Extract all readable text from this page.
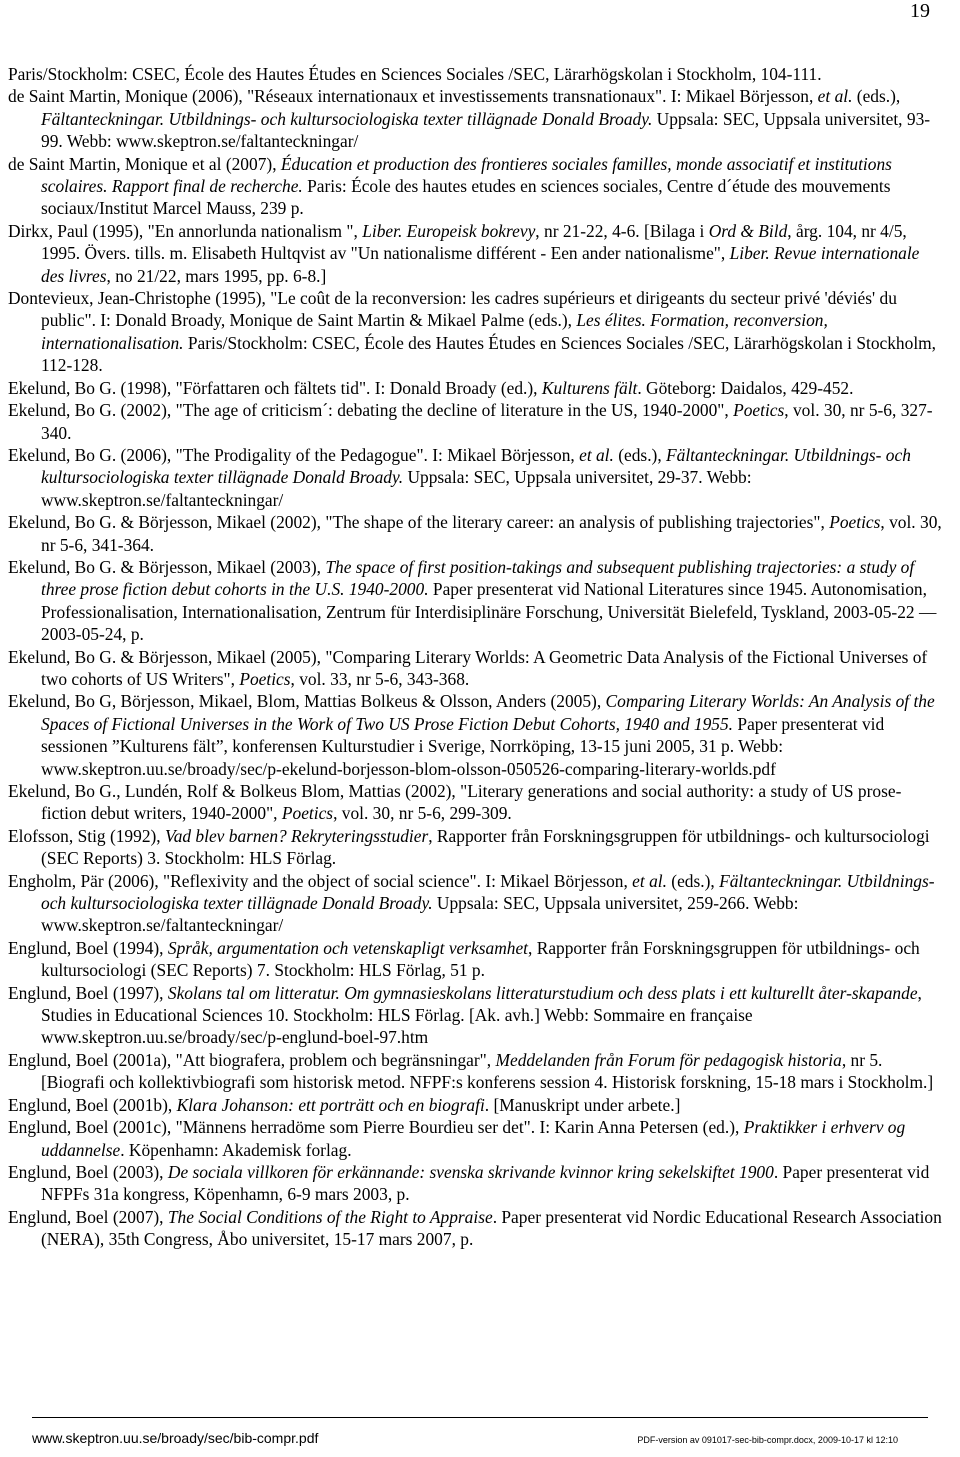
19

Paris/Stockholm: CSEC, École des Hautes Études en Sciences Sociales /SEC, Lärarhögskolan i Stockholm, 104-111.

de Saint Martin, Monique (2006), "Réseaux internationaux et investissements transnationaux". I: Mikael Börjesson, et al. (eds.), Fältanteckningar. Utbildnings- och kultursociologiska texter tillägnade Donald Broady. Uppsala: SEC, Uppsala universitet, 93-99. Webb: www.skeptron.se/faltanteckningar/

de Saint Martin, Monique et al (2007), Éducation et production des frontieres sociales familles, monde associatif et institutions scolaires. Rapport final de recherche. Paris: École des hautes etudes en sciences sociales, Centre d´étude des mouvements sociaux/Institut Marcel Mauss, 239 p.

Dirkx, Paul (1995), "En annorlunda nationalism ", Liber. Europeisk bokrevy, nr 21-22, 4-6. [Bilaga i Ord & Bild, årg. 104, nr 4/5, 1995. Övers. tills. m. Elisabeth Hultqvist av "Un nationalisme différent - Een ander nationalisme", Liber. Revue internationale des livres, no 21/22, mars 1995, pp. 6-8.]

Dontevieux, Jean-Christophe (1995), "Le coût de la reconversion: les cadres supérieurs et dirigeants du secteur privé 'déviés' du public". I: Donald Broady, Monique de Saint Martin & Mikael Palme (eds.), Les élites. Formation, reconversion, internationalisation. Paris/Stockholm: CSEC, École des Hautes Études en Sciences Sociales /SEC, Lärarhögskolan i Stockholm, 112-128.

Ekelund, Bo G. (1998), "Författaren och fältets tid". I: Donald Broady (ed.), Kulturens fält. Göteborg: Daidalos, 429-452.

Ekelund, Bo G. (2002), "The age of criticism´: debating the decline of literature in the US, 1940-2000", Poetics, vol. 30, nr 5-6, 327-340.

Ekelund, Bo G. (2006), "The Prodigality of the Pedagogue". I: Mikael Börjesson, et al. (eds.), Fältanteckningar. Utbildnings- och kultursociologiska texter tillägnade Donald Broady. Uppsala: SEC, Uppsala universitet, 29-37. Webb: www.skeptron.se/faltanteckningar/

Ekelund, Bo G. & Börjesson, Mikael (2002), "The shape of the literary career: an analysis of publishing trajectories", Poetics, vol. 30, nr 5-6, 341-364.

Ekelund, Bo G. & Börjesson, Mikael (2003), The space of first position-takings and subsequent publishing trajectories: a study of three prose fiction debut cohorts in the U.S. 1940-2000. Paper presenterat vid National Literatures since 1945. Autonomisation, Professionalisation, Internationalisation, Zentrum für Interdisiplinäre Forschung, Universität Bielefeld, Tyskland, 2003-05-22 — 2003-05-24, p.

Ekelund, Bo G. & Börjesson, Mikael (2005), "Comparing Literary Worlds: A Geometric Data Analysis of the Fictional Universes of two cohorts of US Writers", Poetics, vol. 33, nr 5-6, 343-368.

Ekelund, Bo G, Börjesson, Mikael, Blom, Mattias Bolkeus & Olsson, Anders (2005), Comparing Literary Worlds: An Analysis of the Spaces of Fictional Universes in the Work of Two US Prose Fiction Debut Cohorts, 1940 and 1955. Paper presenterat vid sessionen ”Kulturens fält”, konferensen Kulturstudier i Sverige, Norrköping, 13-15 juni 2005, 31 p. Webb: www.skeptron.uu.se/broady/sec/p-ekelund-borjesson-blom-olsson-050526-comparing-literary-worlds.pdf

Ekelund, Bo G., Lundén, Rolf & Bolkeus Blom, Mattias (2002), "Literary generations and social authority: a study of US prose-fiction debut writers, 1940-2000", Poetics, vol. 30, nr 5-6, 299-309.

Elofsson, Stig (1992), Vad blev barnen? Rekryteringsstudier, Rapporter från Forskningsgruppen för utbildnings- och kultursociologi (SEC Reports) 3. Stockholm: HLS Förlag.

Engholm, Pär (2006), "Reflexivity and the object of social science". I: Mikael Börjesson, et al. (eds.), Fältanteckningar. Utbildnings- och kultursociologiska texter tillägnade Donald Broady. Uppsala: SEC, Uppsala universitet, 259-266. Webb: www.skeptron.se/faltanteckningar/

Englund, Boel (1994), Språk, argumentation och vetenskapligt verksamhet, Rapporter från Forskningsgruppen för utbildnings- och kultursociologi (SEC Reports) 7. Stockholm: HLS Förlag, 51 p.

Englund, Boel (1997), Skolans tal om litteratur. Om gymnasieskolans litteraturstudium och dess plats i ett kulturellt åter-skapande, Studies in Educational Sciences 10. Stockholm: HLS Förlag. [Ak. avh.] Webb: Sommaire en française www.skeptron.uu.se/broady/sec/p-englund-boel-97.htm

Englund, Boel (2001a), "Att biografera, problem och begränsningar", Meddelanden från Forum för pedagogisk historia, nr 5. [Biografi och kollektivbiografi som historisk metod. NFPF:s konferens session 4. Historisk forskning, 15-18 mars i Stockholm.]

Englund, Boel (2001b), Klara Johanson: ett porträtt och en biografi. [Manuskript under arbete.]

Englund, Boel (2001c), "Männens herradöme som Pierre Bourdieu ser det". I: Karin Anna Petersen (ed.), Praktikker i erhverv og uddannelse. Köpenhamn: Akademisk forlag.

Englund, Boel (2003), De sociala villkoren för erkännande: svenska skrivande kvinnor kring sekelskiftet 1900. Paper presenterat vid NFPFs 31a kongress, Köpenhamn, 6-9 mars 2003, p.

Englund, Boel (2007), The Social Conditions of the Right to Appraise. Paper presenterat vid Nordic Educational Research Association (NERA), 35th Congress, Åbo universitet, 15-17 mars 2007, p.

www.skeptron.uu.se/broady/sec/bib-compr.pdf	PDF-version av 091017-sec-bib-compr.docx, 2009-10-17 kl 12:10
